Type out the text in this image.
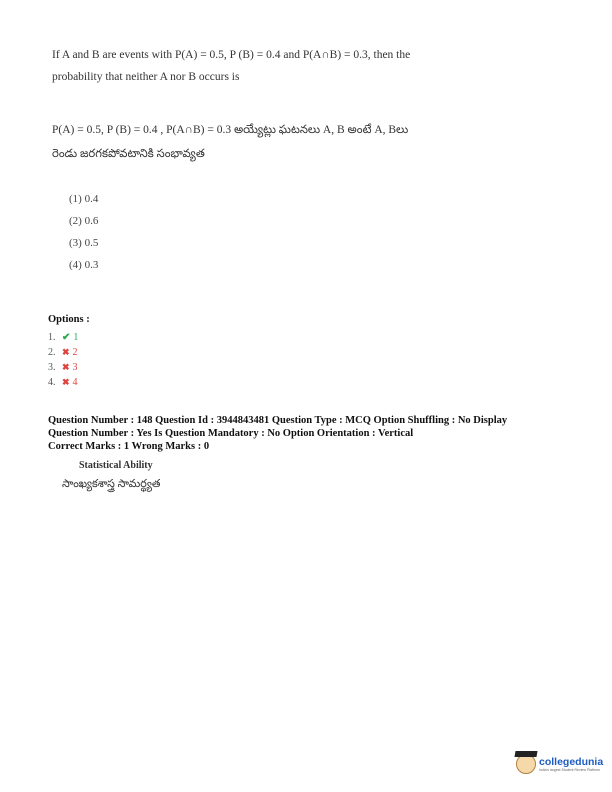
If A and B are events with P(A) = 0.5, P (B) = 0.4 and P(A∩B) = 0.3, then the
probability that neither A nor B occurs is
P(A) = 0.5, P (B) = 0.4 , P(A∩B) = 0.3 అయ్యేట్లు ఘటనలు A, B అంటే A, Bలు
రెండు జరగకపోవటానికి సంభావ్యత
(1) 0.4
(2) 0.6
(3) 0.5
(4) 0.3
Options :
1. ✔ 1
2. ✖ 2
3. ✖ 3
4. ✖ 4
Question Number : 148 Question Id : 3944843481 Question Type : MCQ Option Shuffling : No Display
Question Number : Yes Is Question Mandatory : No Option Orientation : Vertical
Correct Marks : 1 Wrong Marks : 0
Statistical Ability
సాంఖ్యకశాస్త్ర సామర్థ్యత
collegedunia
India's largest Student Review Platform
